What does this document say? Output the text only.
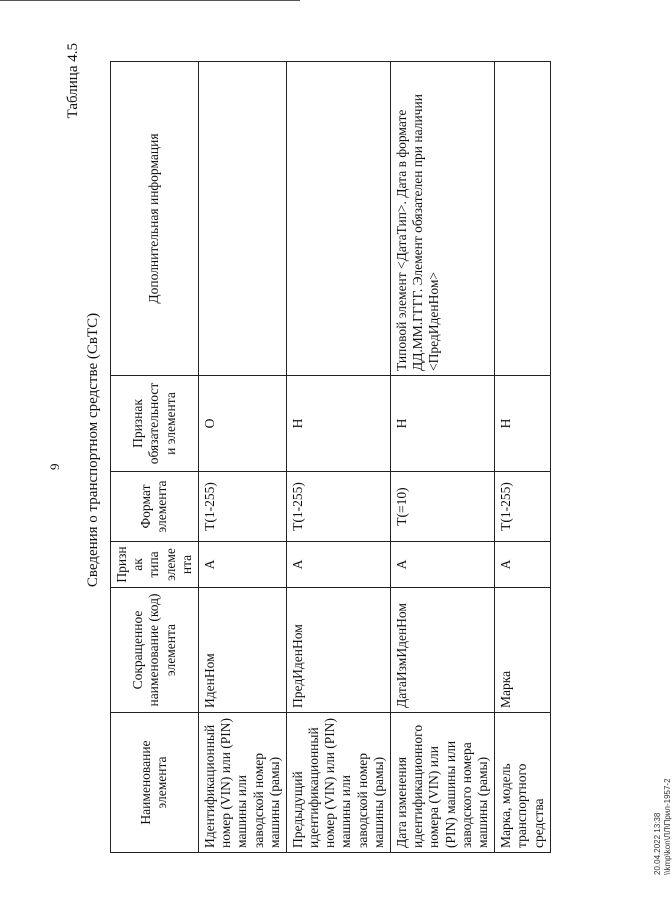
9
Таблица 4.5
Сведения о транспортном средстве (СвТС)
Наименование элемента	Сокращенное наименование (код) элемента	Признак типа элемента	Формат элемента	Признак обязательности элемента	Дополнительная информация
Идентификационный номер (VIN) или (PIN) машины или заводской номер машины (рамы)	ИденНом	А	T(1-255)	О	
Предыдущий идентификационный номер (VIN) или (PIN) машины или заводской номер машины (рамы)	ПредИденНом	А	T(1-255)	Н	
Дата изменения идентификационного номера (VIN) или (PIN) машины или заводского номера машины (рамы)	ДатаИзмИденНом	А	T(=10)	Н	Типовой элемент <ДатаТип>. Дата в формате ДД.ММ.ГГГГ. Элемент обязателен при наличии <ПредИденНом>
Марка, модель транспортного средства	Марка	А	T(1-255)	Н	
20.04.2022 13:38 \\kmp\kon\ЛЛ\Прил-1957-2
